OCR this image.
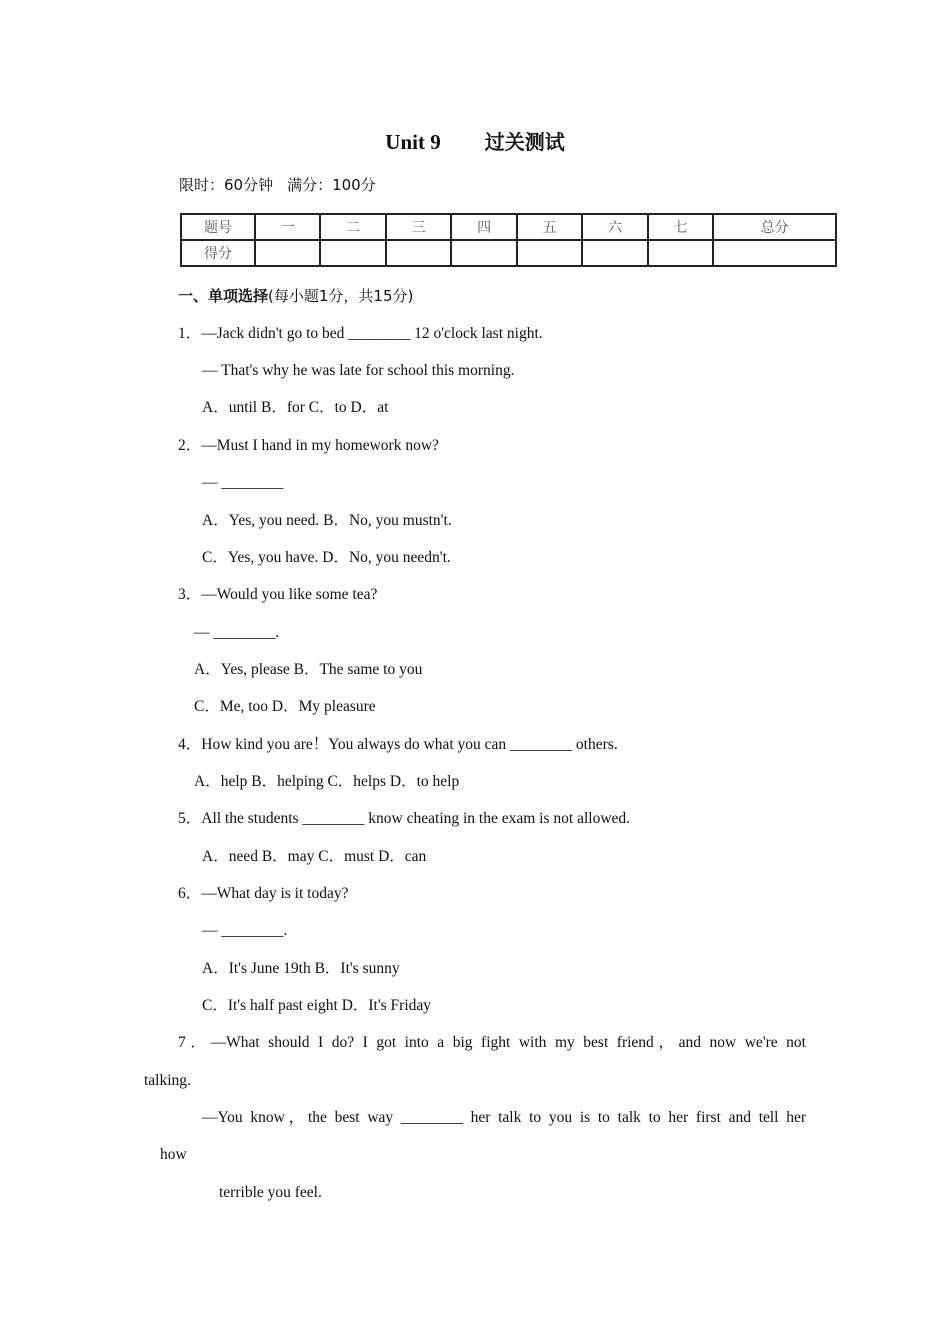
Unit 9 过关测试
限时：60分钟 满分：100分
题号	一	二	三	四	五	六	七	总分
得分								
一、单项选择(每小题1分，共15分)
1．—Jack didn't go to bed ________ 12 o'clock last night.
— That's why he was late for school this morning.
A．until B．for C．to D．at
2．—Must I hand in my homework now?
— ________
A．Yes, you need. B．No, you mustn't.
C．Yes, you have. D．No, you needn't.
3．—Would you like some tea?
— ________.
A．Yes, please B．The same to you
C．Me, too D．My pleasure
4．How kind you are！You always do what you can ________ others.
A．help B．helping C．helps D．to help
5．All the students ________ know cheating in the exam is not allowed.
A．need B．may C．must D．can
6．—What day is it today?
— ________.
A．It's June 19th B．It's sunny
C．It's half past eight D．It's Friday
7．—What should I do? I got into a big fight with my best friend，and now we're not
talking.
—You know，the best way ________ her talk to you is to talk to her first and tell her
how
terrible you feel.
